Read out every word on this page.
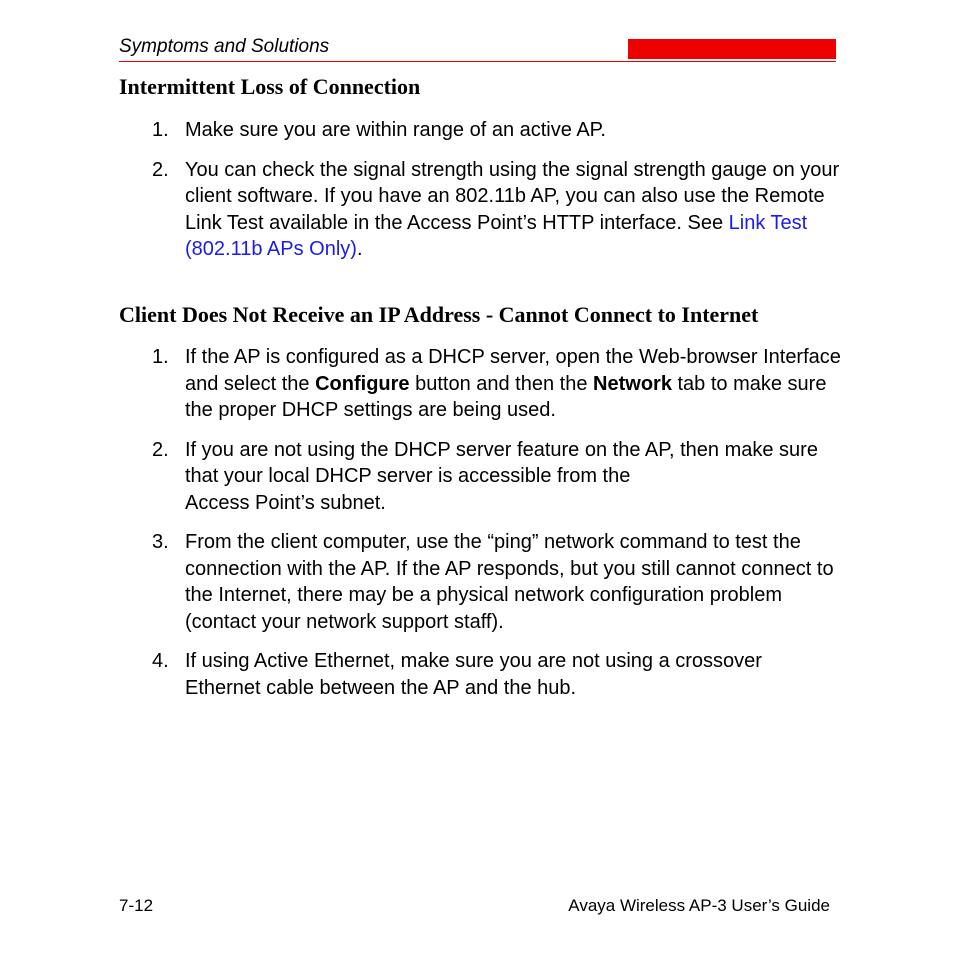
Symptoms and Solutions
Intermittent Loss of Connection
1. Make sure you are within range of an active AP.
2. You can check the signal strength using the signal strength gauge on your client software. If you have an 802.11b AP, you can also use the Remote Link Test available in the Access Point’s HTTP interface. See Link Test (802.11b APs Only).
Client Does Not Receive an IP Address - Cannot Connect to Internet
1. If the AP is configured as a DHCP server, open the Web-browser Interface and select the Configure button and then the Network tab to make sure the proper DHCP settings are being used.
2. If you are not using the DHCP server feature on the AP, then make sure that your local DHCP server is accessible from the
Access Point’s subnet.
3. From the client computer, use the “ping” network command to test the connection with the AP. If the AP responds, but you still cannot connect to the Internet, there may be a physical network configuration problem (contact your network support staff).
4. If using Active Ethernet, make sure you are not using a crossover Ethernet cable between the AP and the hub.
7-12	Avaya Wireless AP-3 User’s Guide
